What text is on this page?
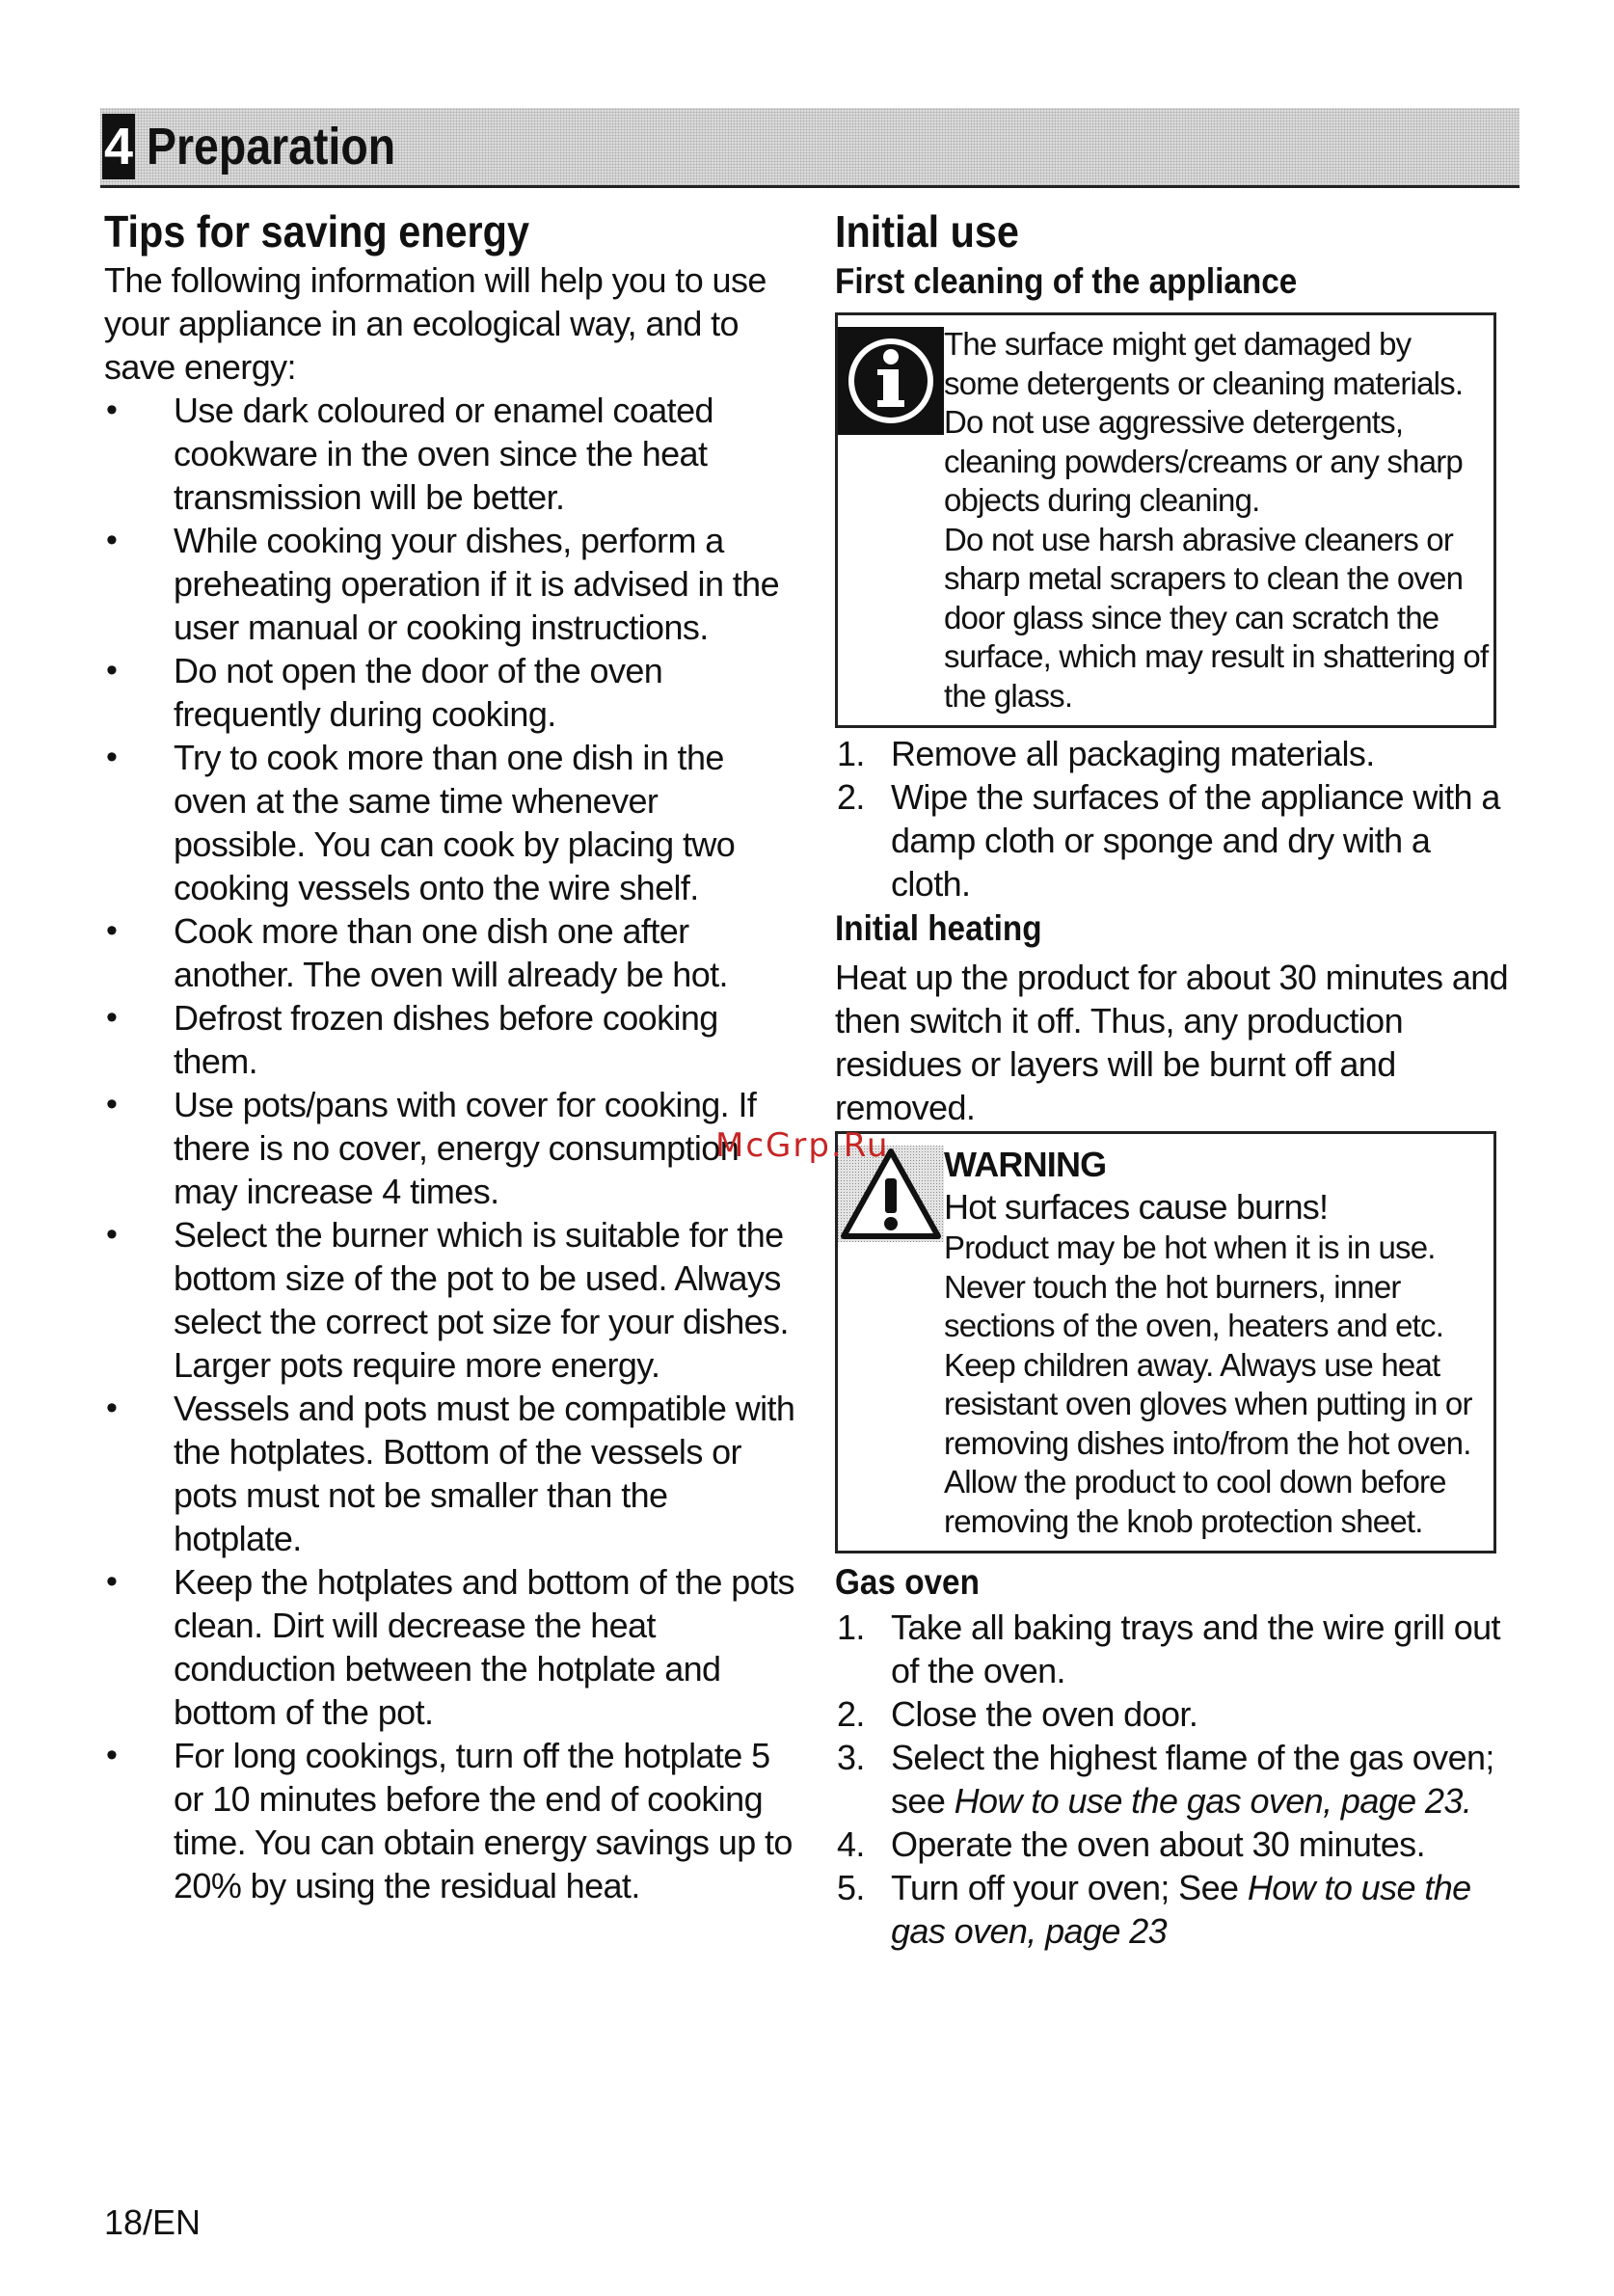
4 Preparation
Tips for saving energy

The following information will help you to use your appliance in an ecological way, and to save energy:

• Use dark coloured or enamel coated cookware in the oven since the heat transmission will be better.
• While cooking your dishes, perform a preheating operation if it is advised in the user manual or cooking instructions.
• Do not open the door of the oven frequently during cooking.
• Try to cook more than one dish in the oven at the same time whenever possible. You can cook by placing two cooking vessels onto the wire shelf.
• Cook more than one dish one after another. The oven will already be hot.
• Defrost frozen dishes before cooking them.
• Use pots/pans with cover for cooking. If there is no cover, energy consumption may increase 4 times.
• Select the burner which is suitable for the bottom size of the pot to be used. Always select the correct pot size for your dishes. Larger pots require more energy.
• Vessels and pots must be compatible with the hotplates. Bottom of the vessels or pots must not be smaller than the hotplate.
• Keep the hotplates and bottom of the pots clean. Dirt will decrease the heat conduction between the hotplate and bottom of the pot.
• For long cookings, turn off the hotplate 5 or 10 minutes before the end of cooking time. You can obtain energy savings up to 20% by using the residual heat.
Initial use
First cleaning of the appliance
The surface might get damaged by some detergents or cleaning materials.
Do not use aggressive detergents, cleaning powders/creams or any sharp objects during cleaning.
Do not use harsh abrasive cleaners or sharp metal scrapers to clean the oven door glass since they can scratch the surface, which may result in shattering of the glass.
1. Remove all packaging materials.
2. Wipe the surfaces of the appliance with a damp cloth or sponge and dry with a cloth.
Initial heating

Heat up the product for about 30 minutes and then switch it off. Thus, any production residues or layers will be burnt off and removed.

WARNING
Hot surfaces cause burns!
Product may be hot when it is in use. Never touch the hot burners, inner sections of the oven, heaters and etc. Keep children away. Always use heat resistant oven gloves when putting in or removing dishes into/from the hot oven.
Allow the product to cool down before removing the knob protection sheet.
Gas oven
1. Take all baking trays and the wire grill out of the oven.
2. Close the oven door.
3. Select the highest flame of the gas oven; see How to use the gas oven, page 23.
4. Operate the oven about 30 minutes.
5. Turn off your oven; See How to use the gas oven, page 23
McGrp.Ru
18/EN
